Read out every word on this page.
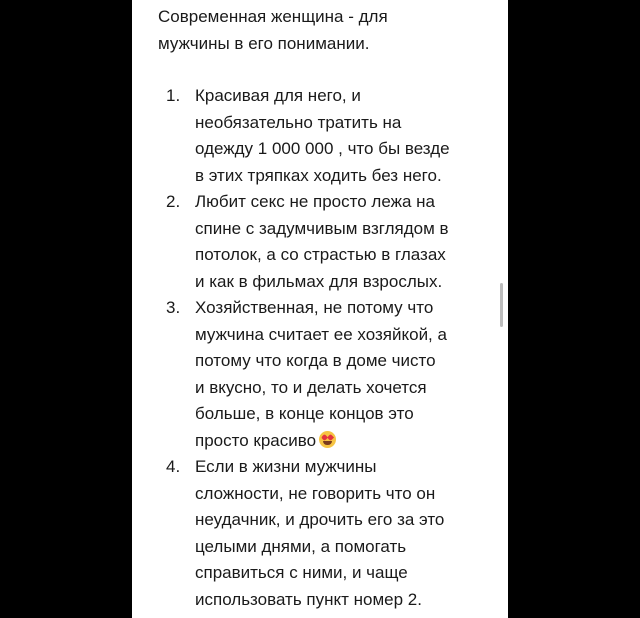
Современная женщина - для
мужчины в его понимании.
1. Красивая для него, и
необязательно тратить на
одежду 1 000 000 , что бы везде
в этих тряпках ходить без него.
2. Любит секс не просто лежа на
спине с задумчивым взглядом в
потолок, а со страстью в глазах
и как в фильмах для взрослых.
3. Хозяйственная, не потому что
мужчина считает ее хозяйкой, а
потому что когда в доме чисто
и вкусно, то и делать хочется
больше, в конце концов это
просто красиво
4. Если в жизни мужчины
сложности, не говорить что он
неудачник, и дрочить его за это
целыми днями, а помогать
справиться с ними, и чаще
использовать пункт номер 2.
